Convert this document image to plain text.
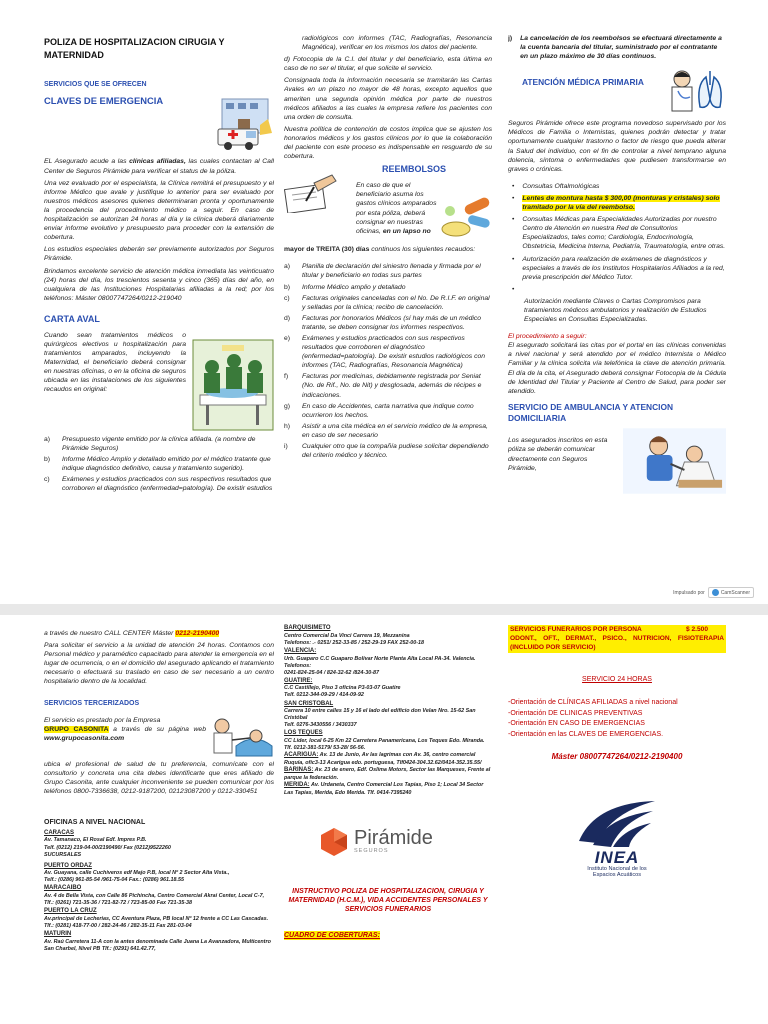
POLIZA DE HOSPITALIZACION CIRUGIA Y MATERNIDAD
SERVICIOS QUE SE OFRECEN
CLAVES DE EMERGENCIA

EL Asegurado acude a las clínicas afiliadas, las cuales contactan al Call Center de Seguros Pirámide para verificar el status de la póliza.

Una vez evaluado por el especialista, la Clínica remitirá el presupuesto y el informe Médico que avale y justifique lo anterior para ser evaluado por nuestros médicos asesores quienes determinaran pronta y oportunamente la procedencia del procedimiento médico a seguir. En caso de hospitalización se autorizan 24 horas al día y la clínica deberá diariamente enviar informe evolutivo y presupuesto para proceder con la extensión de cobertura.

Los estudios especiales deberán ser previamente autorizados por Seguros Pirámide.

Brindamos excelente servicio de atención médica inmediata las veinticuatro (24) horas del día, los trescientos sesenta y cinco (365) días del año, en cualquiera de las Instituciones Hospitalarias afiliadas a la red; por los teléfonos: Máster 08007747264/0212-219040

CARTA AVAL

Cuando sean tratamientos médicos o quirúrgicos electivos u hospitalización para tratamientos amparados, incluyendo la Maternidad, el beneficiario deberá consignar en nuestras oficinas, o en la oficina de seguros ubicada en las instalaciones de los siguientes recaudos en original:

a)	Presupuesto vigente emitido por la clínica afiliada. (a nombre de Pirámide Seguros)
b)	Informe Médico Amplio y detallado emitido por el médico tratante que indique diagnóstico definitivo, causa y tratamiento sugerido).
c)	Exámenes y estudios practicados con sus respectivos resultados que corroboren el diagnóstico (enfermedad=patología). De existir estudios

radiológicos con informes (TAC, Radiografías, Resonancia Magnética), verificar en los mismos los datos del paciente.

d) Fotocopia de la C.I. del titular y del beneficiario, esta última en caso de no ser el titular, el que solicite el servicio.

Consignada toda la información necesaria se tramitarán las Cartas Avales en un plazo no mayor de 48 horas, excepto aquellos que ameriten una segunda opinión médica por parte de nuestros médicos afiliados a las cuales la empresa refiere los pacientes con una orden de consulta.

Nuestra política de contención de costos implica que se ajusten los honorarios médicos y los gastos clínicos por lo que la colaboración del paciente con este proceso es indispensable en resguardo de su cobertura.

REEMBOLSOS

En caso de que el beneficiario asuma los gastos clínicos amparados por esta póliza, deberá consignar en nuestras oficinas, en un lapso no

mayor de TREITA (30) días continuos los siguientes recaudos:

a)	Planilla de declaración del siniestro llenada y firmada por el titular y beneficiario en todas sus partes
b)	Informe Médico amplio y detallado
c)	Facturas originales canceladas con el No. De R.I.F. en original y selladas por la clínica; recibo de cancelación.
d)	Facturas por honorarios Médicos (sí hay más de un médico tratante, se deben consignar los informes respectivos.
e)	Exámenes y estudios practicados con sus respectivos resultados que corroboren el diagnóstico (enfermedad=patología). De existir estudios radiológicos con informes (TAC, Radiografías, Resonancia Magnética)
f)	Facturas por medicinas, debidamente registrada por Seniat (No. de Rif., No. de Nit) y desglosada, además de récipes e indicaciones.
g)	En caso de Accidentes, carta narrativa que indique como ocurrieron los hechos.
h)	Asistir a una cita médica en el servicio médico de la empresa, en caso de ser necesario
i)	Cualquier otro que la compañía pudiese solicitar dependiendo del criterio médico y técnico.
j) La cancelación de los reembolsos se efectuará directamente a la cuenta bancaria del titular, suministrado por el contratante en un plazo máximo de 30 días continuos.
ATENCIÓN MÉDICA PRIMARIA

Seguros Pirámide ofrece este programa novedoso supervisado por los Médicos de Familia o Internistas, quienes podrán detectar y tratar oportunamente cualquier trastorno o factor de riesgo que pueda alterar la Salud del individuo, con el fin de controlar a nivel temprano alguna dolencia, síntoma o enfermedades que pudiesen transformarse en graves o crónicas.

• Consultas Oftalmológicas
• Lentes de montura hasta $ 300,00 (monturas y cristales) solo tramitado por la vía del reembolso.
• Consultas Médicas para Especialidades Autorizadas por nuestro Centro de Atención en nuestra Red de Consultorios Especializados, tales como; Cardiología, Endocrinología, Obstetricia, Medicina Interna, Pediatría, Traumatología, entre otras.
• Autorización para realización de exámenes de diagnósticos y especiales a través de los Institutos Hospitalarios Afiliados a la red, previa prescripción del Médico Tutor.
•
Autorización mediante Claves o Cartas Compromisos para tratamientos médicos ambulatorios y realización de Estudios Especiales en Consultas Especializadas.
El procedimiento a seguir:

El asegurado solicitará las citas por el portal en las clínicas convenidas a nivel nacional y será atendido por el médico Internista o Médico Familiar y la clínica solicita vía telefónica la clave de atención primaria. El día de la cita, el Asegurado deberá consignar Fotocopia de la Cédula de Identidad del Titular y Paciente al Centro de Salud, para poder ser atendido.

SERVICIO DE AMBULANCIA Y ATENCION DOMICILIARIA

Los asegurados inscritos en esta póliza se deberán comunicar directamente con Seguros Pirámide,

Impulsado por	CamScanner

a través de nuestro CALL CENTER Máster 0212-2190400

Para solicitar el servicio a la unidad de atención 24 horas. Contamos con Personal médico y paramédico capacitado para atender la emergencia en el lugar de ocurrencia, o en el domicilio del asegurado aplicando el tratamiento necesario o efectuará su traslado en caso de ser necesario a un centro hospitalario dentro de la localidad.

SERVICIOS TERCERIZADOS

El servicio es prestado por la Empresa
GRUPO CASONITA a través de su página web www.grupocasonita.com

ubica el profesional de salud de tu preferencia, comunícate con el consultorio y concreta una cita debes identificarte que eres afiliado de Grupo Casonita, ante cualquier inconveniente se pueden comunicar por los teléfonos 0800-7336638, 0212-9187200, 02123087200 y 0212-330451

OFICINAS A NIVEL NACIONAL
CARACAS
Av. Tamanaco, El Rosal Edf. Impres P.B.
Telf. (0212) 219-04-00/2190490/ Fax (0212)9522260
SUCURSALES
PUERTO ORDAZ
Av. Guayana, calle Cuchiveros edf Majo P.B, local Nº 2 Sector Alta Vista.,
Telf.: (0286) 961-85-54 /961-75-04 Fax.: (0286) 961.18.55
MARACAIBO
Av. 4 de Bella Vista, con Calle 86 Pichincha, Centro Comercial Akrai Center, Local C-7, Tlf.: (0261) 721-35-36 / 721-82-72 / 723-85-00 Fax 721-35-38
PUERTO LA CRUZ
Av.principal de Lecherias, CC Aventura Plaza, PB local Nº 12 frente a CC Las Cascadas.
Tlf.: (0281) 418-77-00 / 282-24-46 / 282-35-11 Fax 281-03-04
MATURIN
Av. Raú Carretera 11-A con la antes denominada Calle Juana La Avanzadora, Multicentro San Charbel, Nivel PB Tlf.: (0291) 641.42.77,
BARQUISIMETO
Centro Comercial Da Vinci Carrera 19, Mezzanina
Telefonos: .- 0251/ 252-33-85 / 252-29-19 FAX 252-00-18
VALENCIA:
Urb. Guaparo C.C Guaparo Bolívar Norte Planta Alta Local PA-34. Valencia. Telefonos:
0241-824-25-04 / 824-32-62 /824-30-87
GUATIRE:
C.C Castillejo, Piso 3 oficina P3-03-07 Guatire
Telf. 0212-344-09-29 / 414-09-92
SAN CRISTOBAL
Carrera 10 entre calles 15 y 16 el lado del edificio don Velan Nro. 15-62 San Cristóbal
Telf. 0276-3430556 / 3430337
LOS TEQUES
CC Lider, local 6-25 Km 22 Carretera Panamericana, Los Teques Edo. Miranda.
Tlf. 0212-381-5179/ 53-28/ 56-56.
ACARIGUA: Av. 13 de Junio, Av las lagrimas con Av. 36, centro comercial Ruquía, ofic3-13 Acarigua edo. portuguesa, Tlf0424-304.32.62/0414-352.35.55/
BARINAS: Av. 23 de enero, Edf. Oslima Motors, Sector las Marqueses, Frente al parque la federación.
MERIDA: Av. Urdaneta, Centro Comercial Los Tapias, Piso 1; Local 34 Sector Las Tapias, Merida, Edo Merida. Tlf. 0414-7395240
Pirámide
SEGUROS
INSTRUCTIVO POLIZA DE HOSPITALIZACION, CIRUGIA Y MATERNIDAD (H.C.M.), VIDA ACCIDENTES PERSONALES Y SERVICIOS FUNERARIOS
CUADRO DE COBERTURAS:
SERVICIOS FUNERARIOS POR PERSONA	$ 2.500
ODONT., OFT., DERMAT., PSICO., NUTRICION, FISIOTERAPIA (INCLUIDO POR SERVICIO)
SERVICIO 24 HORAS
-Orientación de CLÍNICAS AFILIADAS a nivel nacional
-Orientación DE CLINICAS PREVENTIVAS
-Orientación EN CASO DE EMERGENCIAS
-Orientación en las CLAVES DE EMERGENCIAS.
Máster 08007747264/0212-2190400
INEA
Instituto Nacional de los Espacios Acuáticos
